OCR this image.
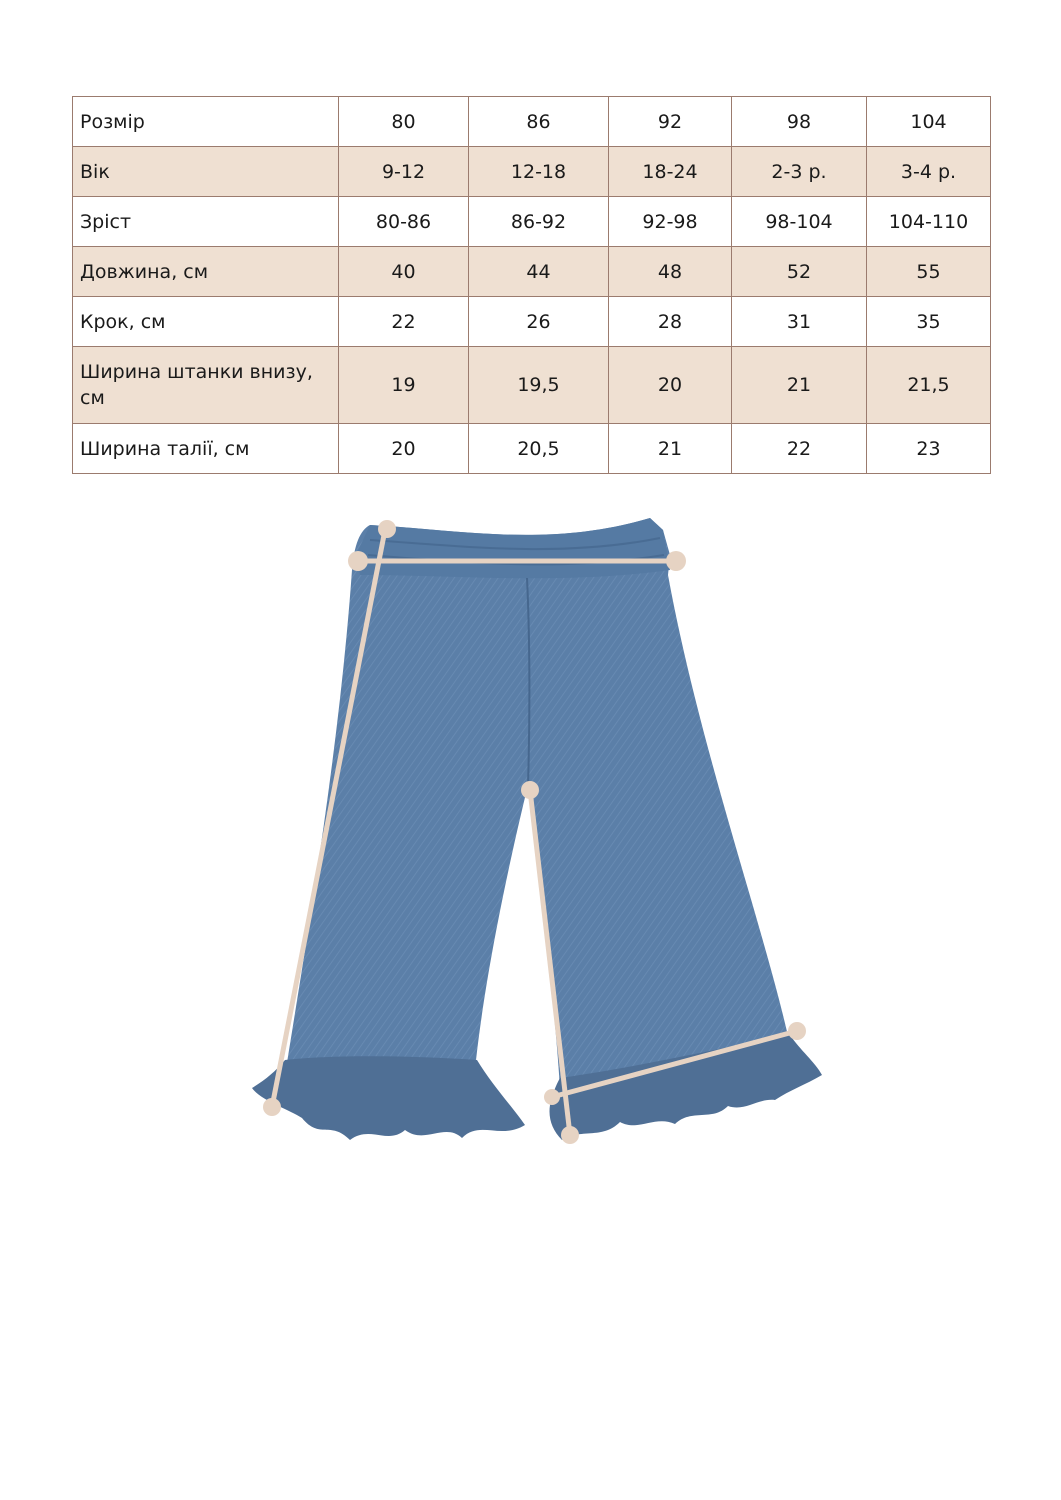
Розмір	80	86	92	98	104
Вік	9-12	12-18	18-24	2-3 р.	3-4 р.
Зріст	80-86	86-92	92-98	98-104	104-110
Довжина, см	40	44	48	52	55
Крок, см	22	26	28	31	35
Ширина штанки внизу, см	19	19,5	20	21	21,5
Ширина талії, см	20	20,5	21	22	23
